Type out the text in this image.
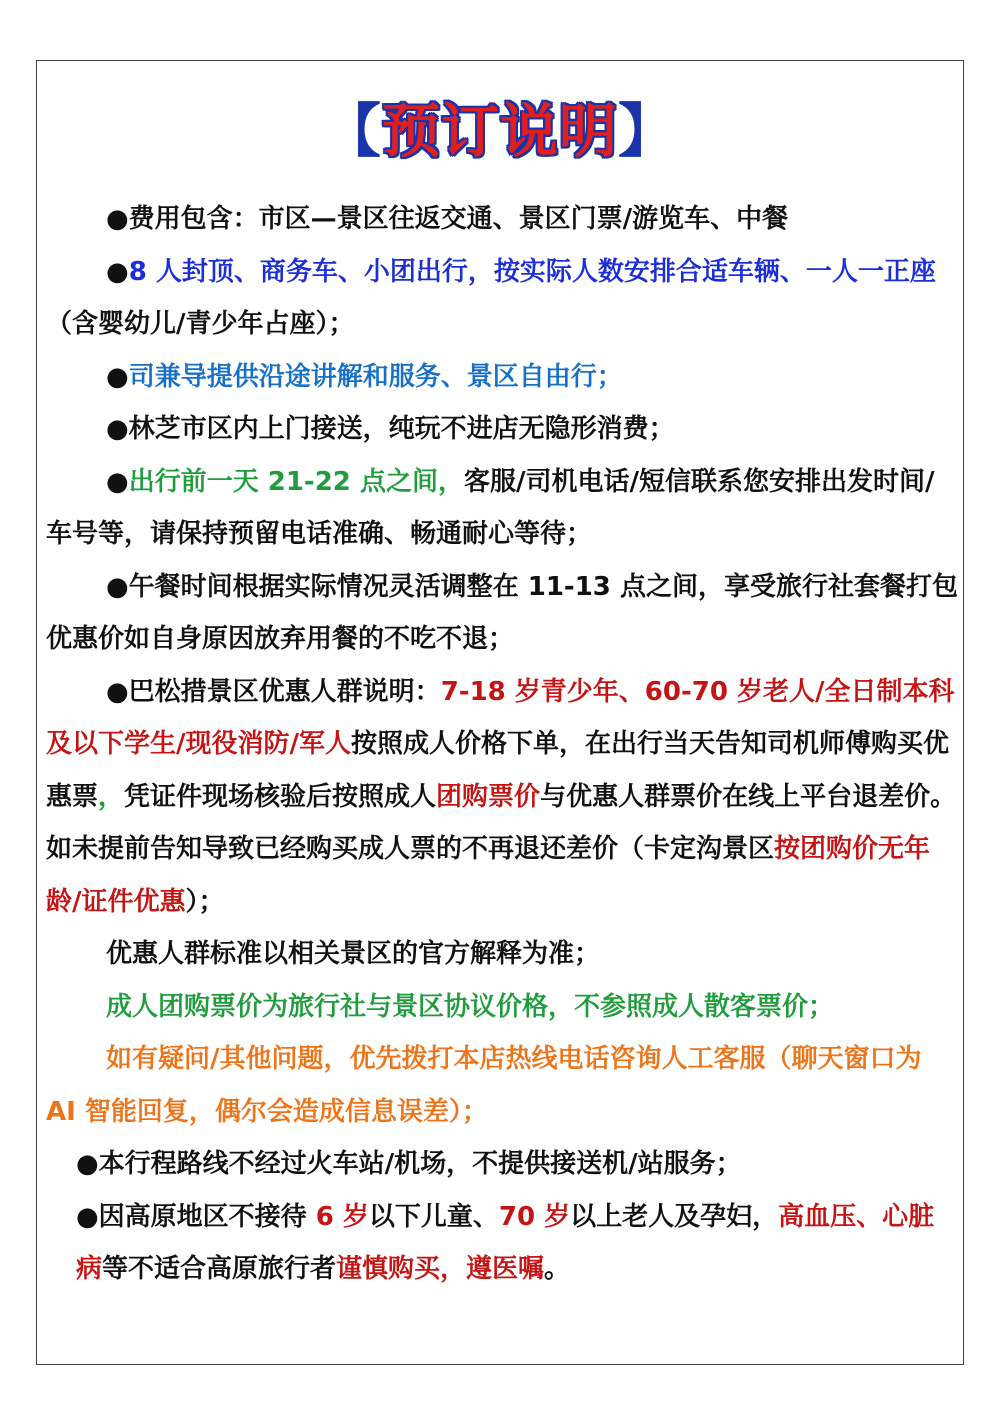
【预订说明】

●费用包含：市区—景区往返交通、景区门票/游览车、中餐

●8 人封顶、商务车、小团出行，按实际人数安排合适车辆、一人一正座（含婴幼儿/青少年占座）；

●司兼导提供沿途讲解和服务、景区自由行；

●林芝市区内上门接送，纯玩不进店无隐形消费；

●出行前一天 21-22 点之间，客服/司机电话/短信联系您安排出发时间/车号等，请保持预留电话准确、畅通耐心等待；

●午餐时间根据实际情况灵活调整在 11-13 点之间，享受旅行社套餐打包优惠价如自身原因放弃用餐的不吃不退；

●巴松措景区优惠人群说明：7-18 岁青少年、60-70 岁老人/全日制本科及以下学生/现役消防/军人按照成人价格下单，在出行当天告知司机师傅购买优惠票，凭证件现场核验后按照成人团购票价与优惠人群票价在线上平台退差价。如未提前告知导致已经购买成人票的不再退还差价（卡定沟景区按团购价无年龄/证件优惠）；

优惠人群标准以相关景区的官方解释为准；

成人团购票价为旅行社与景区协议价格，不参照成人散客票价；

如有疑问/其他问题，优先拨打本店热线电话咨询人工客服（聊天窗口为 AI 智能回复，偶尔会造成信息误差）；

●本行程路线不经过火车站/机场，不提供接送机/站服务；

●因高原地区不接待 6 岁以下儿童、70 岁以上老人及孕妇，高血压、心脏病等不适合高原旅行者谨慎购买，遵医嘱。
